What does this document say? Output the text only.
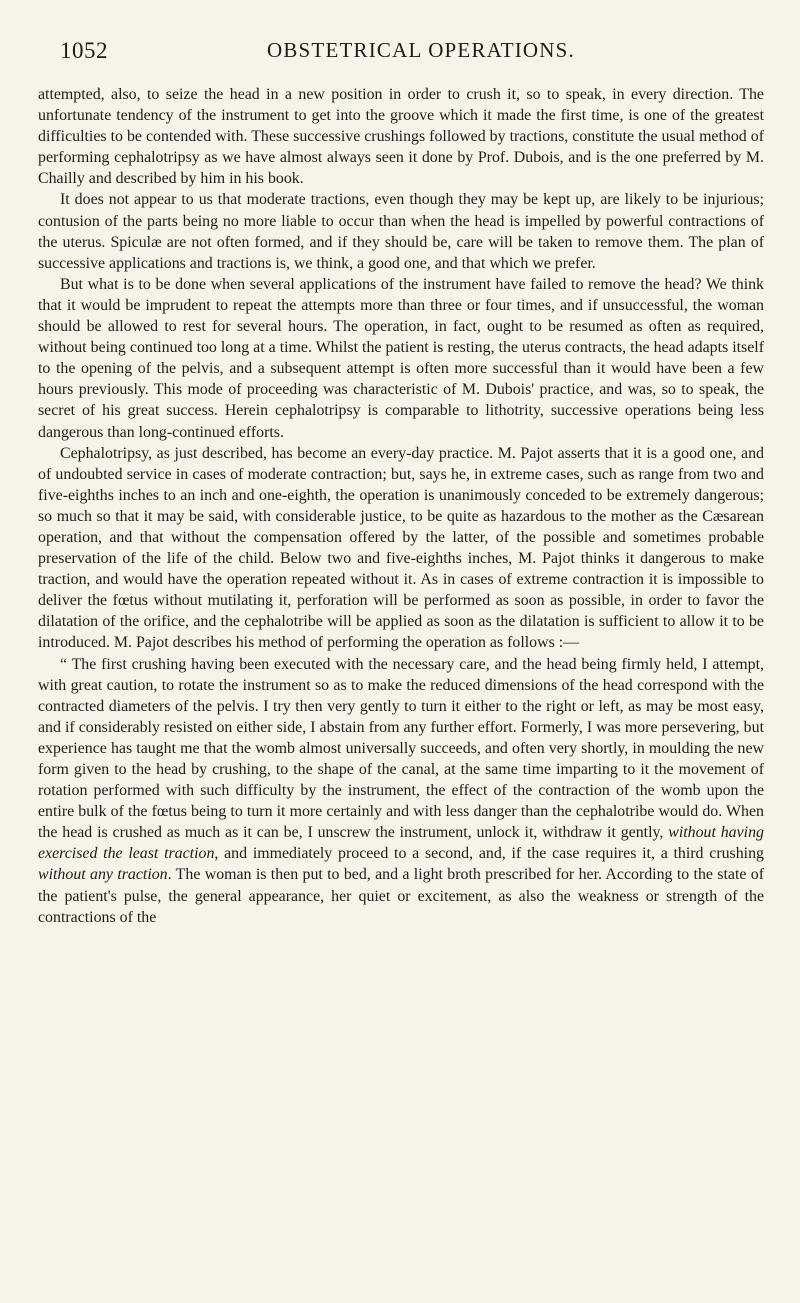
1052	OBSTETRICAL OPERATIONS.

attempted, also, to seize the head in a new position in order to crush it, so to speak, in every direction. The unfortunate tendency of the instrument to get into the groove which it made the first time, is one of the greatest difficulties to be contended with. These successive crushings followed by tractions, constitute the usual method of performing cephalotripsy as we have almost always seen it done by Prof. Dubois, and is the one preferred by M. Chailly and described by him in his book.

It does not appear to us that moderate tractions, even though they may be kept up, are likely to be injurious; contusion of the parts being no more liable to occur than when the head is impelled by powerful contractions of the uterus. Spiculæ are not often formed, and if they should be, care will be taken to remove them. The plan of successive applications and tractions is, we think, a good one, and that which we prefer.

But what is to be done when several applications of the instrument have failed to remove the head? We think that it would be imprudent to repeat the attempts more than three or four times, and if unsuccessful, the woman should be allowed to rest for several hours. The operation, in fact, ought to be resumed as often as required, without being continued too long at a time. Whilst the patient is resting, the uterus contracts, the head adapts itself to the opening of the pelvis, and a subsequent attempt is often more successful than it would have been a few hours previously. This mode of proceeding was characteristic of M. Dubois' practice, and was, so to speak, the secret of his great success. Herein cephalotripsy is comparable to lithotrity, successive operations being less dangerous than long-continued efforts.

Cephalotripsy, as just described, has become an every-day practice. M. Pajot asserts that it is a good one, and of undoubted service in cases of moderate contraction; but, says he, in extreme cases, such as range from two and five-eighths inches to an inch and one-eighth, the operation is unanimously conceded to be extremely dangerous; so much so that it may be said, with considerable justice, to be quite as hazardous to the mother as the Cæsarean operation, and that without the compensation offered by the latter, of the possible and sometimes probable preservation of the life of the child. Below two and five-eighths inches, M. Pajot thinks it dangerous to make traction, and would have the operation repeated without it. As in cases of extreme contraction it is impossible to deliver the fœtus without mutilating it, perforation will be performed as soon as possible, in order to favor the dilatation of the orifice, and the cephalotribe will be applied as soon as the dilatation is sufficient to allow it to be introduced. M. Pajot describes his method of performing the operation as follows :—

“ The first crushing having been executed with the necessary care, and the head being firmly held, I attempt, with great caution, to rotate the instrument so as to make the reduced dimensions of the head correspond with the contracted diameters of the pelvis. I try then very gently to turn it either to the right or left, as may be most easy, and if considerably resisted on either side, I abstain from any further effort. Formerly, I was more persevering, but experience has taught me that the womb almost universally succeeds, and often very shortly, in moulding the new form given to the head by crushing, to the shape of the canal, at the same time imparting to it the movement of rotation performed with such difficulty by the instrument, the effect of the contraction of the womb upon the entire bulk of the fœtus being to turn it more certainly and with less danger than the cephalotribe would do. When the head is crushed as much as it can be, I unscrew the instrument, unlock it, withdraw it gently, without having exercised the least traction, and immediately proceed to a second, and, if the case requires it, a third crushing without any traction. The woman is then put to bed, and a light broth prescribed for her. According to the state of the patient's pulse, the general appearance, her quiet or excitement, as also the weakness or strength of the contractions of the
